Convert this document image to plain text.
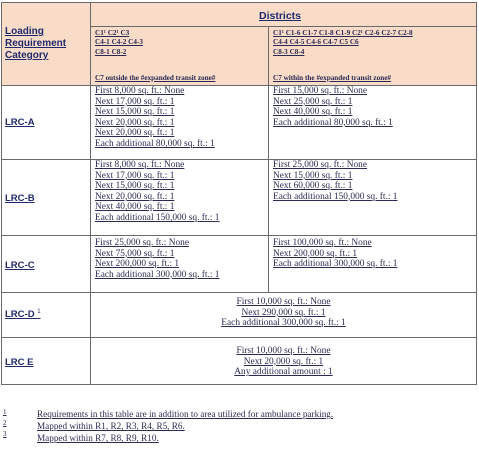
Loading
Requirement
Category
Districts
C1¹ C2¹ C3
C4-1 C4-2 C4-3
C8-1 C8-2
C1¹ C1-6 C1-7 C1-8 C1-9 C2¹ C2-6 C2-7 C2-8
C4-4 C4-5 C4-6 C4-7 C5 C6
C8-3 C8-4
C7 outside the #expanded transit zone#	C7 within the #expanded transit zone#
LRC-A
First 8,000 sq. ft.: None
Next 17,000 sq. ft.: 1
Next 15,000 sq. ft.: 1
Next 20,000 sq. ft.: 1
Next 20,000 sq. ft.: 1
Each additional 80,000 sq. ft.: 1
First 15,000 sq. ft.: None
Next 25,000 sq. ft.: 1
Next 40,000 sq. ft.: 1
Each additional 80,000 sq. ft.: 1
LRC-B
First 8,000 sq. ft.: None
Next 17,000 sq. ft.: 1
Next 15,000 sq. ft.: 1
Next 20,000 sq. ft.: 1
Next 40,000 sq. ft.: 1
Each additional 150,000 sq. ft.: 1
First 25,000 sq. ft.: None
Next 15,000 sq. ft.: 1
Next 60,000 sq. ft.: 1
Each additional 150,000 sq. ft.: 1
LRC-C
First 25,000 sq. ft.: None
Next 75,000 sq. ft.: 1
Next 200,000 sq. ft.: 1
Each additional 300,000 sq. ft.: 1
First 100,000 sq. ft.: None
Next 200,000 sq. ft.: 1
Each additional 300,000 sq. ft.: 1
LRC-D $^1$
First 10,000 sq. ft.: None
Next 290,000 sq. ft.: 1
Each additional 300,000 sq. ft.: 1
LRC E
First 10,000 sq. ft.: None
Next 20,000 sq. ft.: 1
Any additional amount : 1
1
2
3
Requirements in this table are in addition to area utilized for ambulance parking.
Mapped within R1, R2, R3, R4, R5, R6.
Mapped within R7, R8, R9, R10.
